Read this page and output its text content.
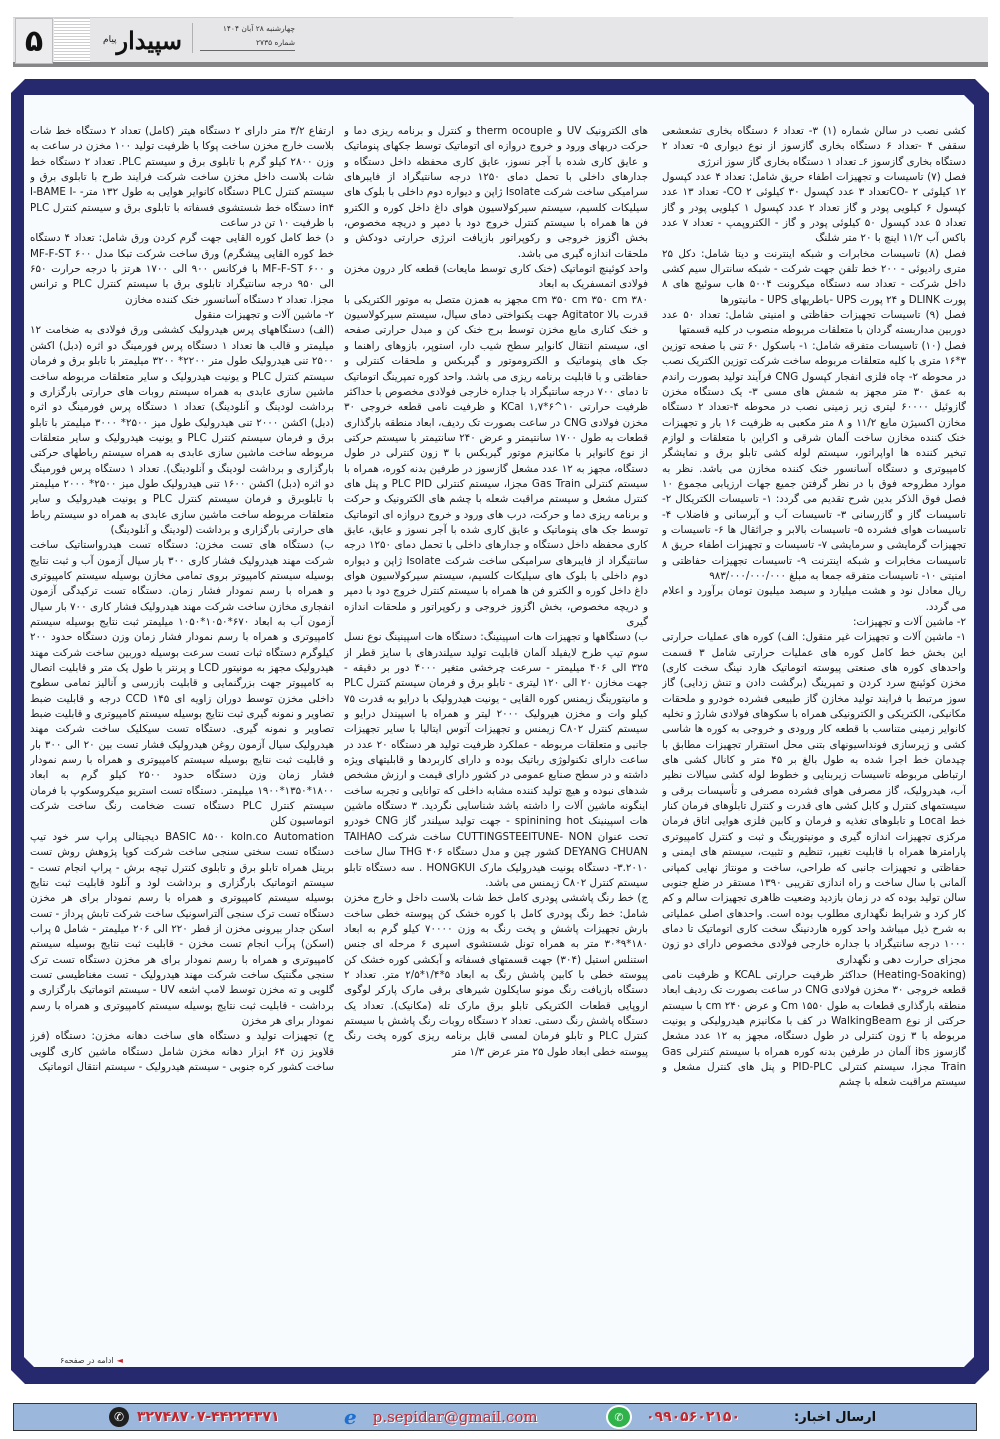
۵	سپیدار
پیام
چهارشنبه ۲۸ آبان ۱۴۰۴
شماره ۲۷۳۵

کشی نصب در سالن شماره (۱) ۳- تعداد ۶ دستگاه بخاری تشعشعی سقفی ۴ -تعداد ۶ دستگاه بخاری گازسوز از نوع دیواری ۵- تعداد ۲ دستگاه بخاری گازسوز ۶ـ تعداد ۱ دستگاه بخاری گاز سوز انرژی

فصل (۷) تاسیسات و تجهیزات اطفاء حریق شامل: تعداد ۴ عدد کپسول ۱۲ کیلوئی ۲ -COتعداد ۳ عدد کپسول ۳۰ کیلوئی CO ۲- تعداد ۱۳ عدد کپسول ۶ کیلویی پودر و گاز تعداد ۲ عدد کپسول ۱ کیلویی پودر و گاز تعداد ۵ عدد کپسول ۵۰ کیلوئی پودر و گاز - الکتروپمپ - تعداد ۷ عدد باکس آب ۱۱/۲ اینچ با ۲۰ متر شلنگ

فصل (۸) تاسیسات مخابرات و شبکه اینترنت و دیتا شامل: دکل ۲۵ متری رادیوئی - ۲۰۰ خط تلفن جهت شرکت - شبکه سانترال سیم کشی داخل شرکت - تعداد سه دستگاه میکرونت ۵۰۰۴ هاب سوئیچ های ۸ پورت DLINK و ۲۴ پورت UPS -باطریهای UPS - مانیتورها

فصل (۹) تاسیسات تجهیزات حفاظتی و امنیتی شامل: تعداد ۵۰ عدد دوربین مداربسته گردان با متعلقات مربوطه منصوب در کلیه قسمتها

فصل (۱۰) تاسیسات متفرقه شامل: ۱- باسکول ۶۰ تنی با صفحه توزین ۳*۱۶ متری با کلیه متعلقات مربوطه ساخت شرکت توزین الکتریک نصب در محوطه ۲- چاه فلزی انفجار کپسول CNG فرآیند تولید بصورت راندم به عمق ۳۰ متر مجهز به شمش های مسی ۳- یک دستگاه مخزن گازوئیل ۶۰۰۰۰ لیتری زیر زمینی نصب در محوطه ۴-تعداد ۲ دستگاه مخازن اکسیژن مایع ۱۱/۲ و ۸ متر مکعبی به ظرفیت ۱۶ بار و تجهیزات خنک کننده مخازن ساخت آلمان شرقی و اکراین با متعلقات و لوازم تبخیر کننده ها اواپراتور، سیستم لوله کشی تابلو برق و نمایشگر کامپیوتری و دستگاه آسانسور خنک کننده مخازن می باشد. نظر به موارد مطروحه فوق با در نظر گرفتن جمیع جهات ارزیابی مجموع ۱۰ فصل فوق الذکر بدین شرح تقدیم می گردد: ۱- تاسیسات الکتریکال ۲- تاسیسات گاز و گازرسانی ۳- تاسیسات آب و آبرسانی و فاضلاب ۴- تاسیسات هوای فشرده ۵- تاسیسات بالابر و جراثقال ها ۶- تاسیسات و تجهیزات گرمایشی و سرمایشی ۷- تاسیسات و تجهیزات اطفاء حریق ۸ تاسیسات مخابرات و شبکه اینترنت ۹- تاسیسات تجهیزات حفاظتی و امنیتی ۱۰- تاسیسات متفرقه جمعا به مبلغ ۹۸۳/۰۰۰/۰۰۰/۰۰۰

ریال معادل نود و هشت میلیارد و سیصد میلیون تومان برآورد و اعلام می گردد.

۲- ماشین آلات و تجهیزات:

۱- ماشین آلات و تجهیزات غیر منقول: الف) کوره های عملیات حرارتی این بخش خط کامل کوره های عملیات حرارتی شامل ۳ قسمت واحدهای کوره های صنعتی پیوسته اتوماتیک هارد نینگ سخت کاری) مخزن کوئینچ سرد کردن و تمپرینگ (برگشت دادن و تنش زدایی) گاز سوز مرتبط با فرایند تولید مخازن گاز طبیعی فشرده خودرو و ملحقات مکانیکی، الکتریکی و الکترونیکی همراه با سکوهای فولادی شارژ و تخلیه کانوایر زمینی متناسب با قطعه کار ورودی و خروجی به کوره ها شاسی کشی و زیرسازی فونداسیونهای بتنی محل استقرار تجهیزات مطابق با چیدمان خط اجرا شده به طول بالغ بر ۴۵ متر و کانال کشی های ارتباطی مربوطه تاسیسات زیربنایی و خطوط لوله کشی سیالات نظیر آب، هیدرولیک، گاز مصرفی هوای فشرده مصرفی و تأسیسات برقی و سیستمهای کنترل و کابل کشی های قدرت و کنترل تابلوهای فرمان کنار خط Local و تابلوهای تغذیه و فرمان و کابین فلزی هوایی اتاق فرمان مرکزی تجهیزات اندازه گیری و مونیتورینگ و ثبت و کنترل کامپیوتری پارامترها همراه با قابلیت تغییر، تنظیم و تثبیت، سیستم های ایمنی و حفاظتی و تجهیزات جانبی که طراحی، ساخت و مونتاژ نهایی کمپانی آلمانی با سال ساخت و راه اندازی تقریبی ۱۳۹۰ مستقر در ضلع جنوبی سالن تولید بوده که در زمان بازدید وضعیت ظاهری تجهیزات سالم و کم کار کرد و شرایط نگهداری مطلوب بوده است. واحدهای اصلی عملیاتی به شرح ذیل میباشد واحد کوره هاردنینگ سخت کاری اتوماتیک تا دمای ۱۰۰۰ درجه سانتیگراد با جداره خارجی فولادی مخصوص دارای دو زون مجزای حرارت دهی و نگهداری

(Heating-Soaking) حداکثر ظرفیت حرارتی KCAL و ظرفیت نامی قطعه خروجی ۳۰ مخزن فولادی CNG در ساعت بصورت تک ردیف ابعاد منطقه بارگذاری قطعات به طول ۱۵۵۰ Cm و عرض ۲۴۰ cm با سیستم حرکتی از نوع WalkingBeam در کف با مکانیزم هیدرولیکی و یونیت مربوطه با ۳ زون کنترلی در طول دستگاه، مجهز به ۱۲ عدد مشعل گازسوز ibs آلمان در طرفین بدنه کوره همراه با سیستم کنترلی Gas Train مجزا، سیستم کنترلی PID-PLC و پنل های کنترل مشعل و سیستم مراقبت شعله با چشم

های الکترونیک UV و therm ocouple و کنترل و برنامه ریزی دما و حرکت دربهای ورود و خروج دروازه ای اتوماتیک توسط جکهای پنوماتیک و عایق کاری شده با آجر نسوز، عایق کاری محفظه داخل دستگاه و جدارهای داخلی با تحمل دمای ۱۲۵۰ درجه سانتیگراد از فایبرهای سرامیکی ساخت شرکت Isolate ژاپن و دیواره دوم داخلی با بلوک های سیلیکات کلسیم، سیستم سیرکولاسیون هوای داغ داخل کوره و الکترو فن ها همراه با سیستم کنترل خروج دود با دمپر و دریچه مخصوص، بخش اگزوز خروجی و رکوپراتور بازیافت انرژی حرارتی دودکش و ملحقات اندازه گیری می باشد.

واحد کوئینچ اتوماتیک (خنک کاری توسط مایعات) قطعه کار درون مخزن فولادی اتمسفریک به ابعاد

۳۸۰ cm ۳۵۰ cm ۳۵۰ cm مجهز به همزن متصل به موتور الکتریکی با قدرت بالا Agitator جهت یکنواختی دمای سیال، سیستم سیرکولاسیون و خنک کناری مایع مخزن توسط برج خنک کن و مبدل حرارتی صفحه ای، سیستم انتقال کانوایر سطح شیب دار، استوپر، بازوهای راهنما و جک های پنوماتیک و الکتروموتور و گیربکس و ملحقات کنترلی و حفاظتی و با قابلیت برنامه ریزی می باشد. واحد کوره تمپرینگ اتوماتیک تا دمای ۷۰۰ درجه سانتیگراد با جداره خارجی فولادی مخصوص با حداکثر ظرفیت حرارتی ۱۰^۶*۱,۷ KCal و ظرفیت نامی قطعه خروجی ۳۰ مخزن فولادی CNG در ساعت بصورت تک ردیف، ابعاد منطقه بارگذاری قطعات به طول ۱۷۰۰ سانتیمتر و عرض ۲۴۰ سانتیمتر با سیستم حرکتی از نوع کانوایر با مکانیزم موتور گیربکس با ۳ زون کنترلی در طول دستگاه، مجهز به ۱۲ عدد مشعل گازسوز در طرفین بدنه کوره، همراه با سیستم کنترلی Gas Train مجزا، سیستم کنترلی PLC PID و پنل های کنترل مشعل و سیستم مراقبت شعله با چشم های الکترونیک و حرکت و برنامه ریزی دما و حرکت، درب های ورود و خروج دروازه ای اتوماتیک توسط جک های پنوماتیک و عایق کاری شده با آجر نسوز و عایق، عایق کاری محفظه داخل دستگاه و جدارهای داخلی با تحمل دمای ۱۲۵۰ درجه سانتیگراد از فایبرهای سرامیکی ساخت شرکت Isolate ژاپن و دیواره دوم داخلی با بلوک های سیلیکات کلسیم، سیستم سیرکولاسیون هوای داغ داخل کوره و الکترو فن ها همراه با سیستم کنترل خروج دود با دمپر و دریچه مخصوص، بخش اگزوز خروجی و رکوپراتور و ملحقات اندازه گیری

ب) دستگاهها و تجهیزات هات اسپینینگ: دستگاه هات اسپینینگ نوع نسل سوم تیپ طرح لایفیلد آلمان قابلیت تولید سیلندرهای با سایز قطر از ۳۲۵ الی ۴۰۶ میلیمتر - سرعت چرخشی متغیر ۴۰۰۰ دور بر دقیقه - جهت مخازن ۲۰ الی ۱۲۰ لیتری - تابلو برق و فرمان سیستم کنترل PLC و مانیتورینگ زیمنس کوره القایی - یونیت هیدرولیک با درایو به قدرت ۷۵ کیلو وات و مخزن هیرولیک ۲۰۰۰ لیتر و همراه با اسپیندل درایو و سیستم کنترل C۸۰۲ زیمنس و تجهیزات آتوس ایتالیا با سایر تجهیزات جانبی و متعلقات مربوطه - عملکرد ظرفیت تولید هر دستگاه ۲۰ عدد در ساعت دارای تکنولوژی رباتیک بوده و دارای کاربردها و قابلیتهای ویژه داشته و در سطح صنایع عمومی در کشور دارای قیمت و ارزش مشخص شدهای نبوده و هیچ تولید کننده مشابه داخلی که توانایی و تجربه ساخت اینگونه ماشین آلات را داشته باشد شناسایی نگردید. ۳ دستگاه ماشین هات اسپینینک spinining hot - جهت تولید سیلندر گاز CNG خودرو تحت عنوان CUTTINGSTEEITUNE- NON ساخت شرکت TAIHAO DEYANG CHUAN کشور چین و مدل دستگاه THG ۴۰۶ سال ساخت ۳.۲۰۱۰- دستگاه یونیت هیدرولیک مارک HONGKUI . سه دستگاه تابلو سیستم کنترل C۸۰۲ زیمنس می باشد.

ج) خط رنگ پاششی پودری کامل خط شات بلاست داخل و خارج مخزن شامل: خط رنگ پودری کامل با کوره خشک کن پیوسته خطی ساخت بارش تجهیزات پاشش و پخت رنگ به وزن ۷۰۰۰۰ کیلو گرم به ابعاد ۱۸۰*۹*۳۰ متر به همراه تونل شستشوی اسپری ۶ مرحله ای جنس استنلس استیل (۳۰۴) جهت قسمتهای فسفاته و آبکشی کوره خشک کن پیوسته خطی با کابین پاشش رنگ به ابعاد ۵*۱/۴*۲/۵ متر. تعداد ۲ دستگاه بازیافت رنگ مونو سایکلون شیرهای برقی مارک پارکر لوگوی اروپایی قطعات الکتریکی تابلو برق مارک تله (مکانیک). تعداد یک دستگاه پاشش رنگ دستی. تعداد ۲ دستگاه روبات رنگ پاشش با سیستم کنترل PLC و تابلو فرمان لمسی قابل برنامه ریزی کوره پخت رنگ پیوسته خطی ابعاد طول ۲۵ متر عرض ۱/۳ متر

ارتفاع ۳/۲ متر دارای ۲ دستگاه هیتر (کامل) تعداد ۲ دستگاه خط شات بلاست خارج مخزن ساخت پوکا با ظرفیت تولید ۱۰۰ مخزن در ساعت به وزن ۲۸۰۰ کیلو گرم با تابلوی برق و سیستم PLC. تعداد ۲ دستگاه خط شات بلاست داخل مخزن ساخت شرکت فرایند طرح با تابلوی برق و سیستم کنترل PLC دستگاه کانوایر هوایی به طول ۱۳۲ مترI-BAME I- -in۴ دستگاه خط شستشوی فسفاته با تابلوی برق و سیستم کنترل PLC با ظرفیت ۱۰ تن در ساعت

د) خط کامل کوره القایی جهت گرم کردن ورق شامل: تعداد ۴ دستگاه خط کوره القایی پیشگرم) ورق ساخت شرکت تبکا مدل ۶۰۰ MF-F-ST و ۶۰۰ MF-F-ST با فرکانس ۹۰۰ الی ۱۷۰۰ هرتز با درجه حرارت ۶۵۰ الی ۹۵۰ درجه سانتیگراد تابلوی برق با سیستم کنترل PLC و ترانس مجزا. تعداد ۲ دستگاه آسانسور خنک کننده مخازن

۲- ماشین آلات و تجهیزات منقول

(الف) دستگاههای پرس هیدرولیک کششی ورق فولادی به ضخامت ۱۲ میلیمتر و قالب ها تعداد ۱ دستگاه پرس فورمینگ دو اثره (دبل) اکشن ۲۵۰۰ تنی هیدرولیک طول متر ۲۲۰۰* ۳۲۰۰ میلیمتر با تابلو برق و فرمان سیستم کنترل PLC و یونیت هیدرولیک و سایر متعلقات مربوطه ساخت ماشین سازی عابدی به همراه سیستم روبات های حرارتی بارگزاری و برداشت لودینگ و آنلودینگ) تعداد ۱ دستگاه پرس فورمینگ دو اثره (دبل) اکشن ۲۰۰۰ تنی هیدرولیک طول میز ۲۵۰۰* ۳۰۰۰ میلیمتر با تابلو برق و فرمان سیستم کنترل PLC و یونیت هیدرولیک و سایر متعلقات مربوطه ساخت ماشین سازی عابدی به همراه سیستم رباطهای حرکتی بارگزاری و برداشت لودینگ و آنلودینگ). تعداد ۱ دستگاه پرس فورمینگ دو اثره (دبل) اکشن ۱۶۰۰ تنی هیدرولیک طول میز ۲۵۰۰* ۲۰۰۰ میلیمتر با تابلوبرق و فرمان سیستم کنترل PLC و یونیت هیدرولیک و سایر متعلقات مربوطه ساخت ماشین سازی عابدی به همراه دو سیستم رباط های حرارتی بارگزاری و برداشت (لودینگ و آنلودینگ)

ب) دستگاه های تست مخزن: دستگاه تست هیدرواستاتیک ساخت شرکت مهند هیدرولیک فشار کاری ۳۰۰ بار سیال آزمون آب و ثبت نتایج بوسیله سیستم کامپیوتر بروی تمامی مخازن بوسیله سیستم کامپیوتری و همراه با رسم نمودار فشار زمان. دستگاه تست ترکیدگی آزمون انفجاری مخازن ساخت شرکت مهند هیدرولیک فشار کاری ۷۰۰ بار سیال آزمون آب به ابعاد ۶۷۰*۱۰۵۰*۱۰۵۰ میلیمتر ثبت نتایج بوسیله سیستم کامپیوتری و همراه با رسم نمودار فشار زمان وزن دستگاه حدود ۲۰۰ کیلوگرم دستگاه ثبات تست سرعت بوسیله دوربین ساخت شرکت مهند هیدرولیک مجهز به مونیتور LCD و پرنتر با طول یک متر و قابلیت اتصال به کامپیوتر جهت بزرگنمایی و قابلیت بازرسی و آنالیز تمامی سطوح داخلی مخزن توسط دوران زاویه ای CCD ۱۴۵ درجه و قابلیت ضبط تصاویر و نمونه گیری ثبت نتایج بوسیله سیستم کامپیوتری و قابلیت ضبط تصاویر و نمونه گیری. دستگاه تست سیکلیک ساخت شرکت مهند هیدرولیک سیال آزمون روغن هیدرولیک فشار تست بین ۲۰ الی ۳۰۰ بار و قابلیت ثبت نتایج بوسیله سیستم کامپیوتری و همراه با رسم نمودار فشار زمان وزن دستگاه حدود ۲۵۰۰ کیلو گرم به ابعاد ۱۸۰۰*۱۳۵۰*۱۹۰۰ میلیمتر. دستگاه تست استریو میکروسکوپ با فرمان سیستم کنترل PLC دستگاه تست ضخامت رنگ ساخت شرکت اتوماسیون کلن

BASIC ۸۵۰۰ koln.co Automation دیجیتالی پراپ سر خود تیپ دستگاه تست سختی سنجی ساخت شرکت کوپا پژوهش روش تست برینل همراه تابلو برق و تابلوی کنترل تیچه برش - پراپ انجام تست - سیستم اتوماتیک بارگزاری و برداشت لود و آنلود قابلیت ثبت نتایج بوسیله سیستم کامپیوتری و همراه با رسم نمودار برای هر مخزن دستگاه تست ترک سنجی آلتراسونیک ساخت شرکت تابش پرداز - تست اسکن جدار بیرونی مخزن از قطر ۲۲۰ الی ۲۰۶ میلیمتر - شامل ۵ پراب (اسکن) پرآب انجام تست مخزن - قابلیت ثبت نتایج بوسیله سیستم کامپیوتری و همراه با رسم نمودار برای هر مخزن دستگاه تست ترک سنجی مگنتیک ساخت شرکت مهند هیدرولیک - تست مغناطیسی تست گلویی و ته مخزن توسط لامپ اشعه UV - سیستم اتوماتیک بارگزاری و برداشت - قابلیت ثبت نتایج بوسیله سیستم کامپیوتری و همراه با رسم نمودار برای هر مخزن

ح) تجهیزات تولید و دستگاه های ساخت دهانه مخزن: دستگاه (فرز قلاویز زن ۶۴ ابزار دهانه مخزن شامل دستگاه ماشین کاری گلویی ساخت کشور کره جنوبی - سیستم هیدرولیک - سیستم انتقال اتوماتیک

◄ادامه در صفحه۶
✆ ۳۲۷۴۸۷۰۷-۴۴۲۲۴۳۷۱	e p.sepidar@gmail.com	✆	۰۹۹۰۵۶۰۲۱۵۰	ارسال اخبار:
